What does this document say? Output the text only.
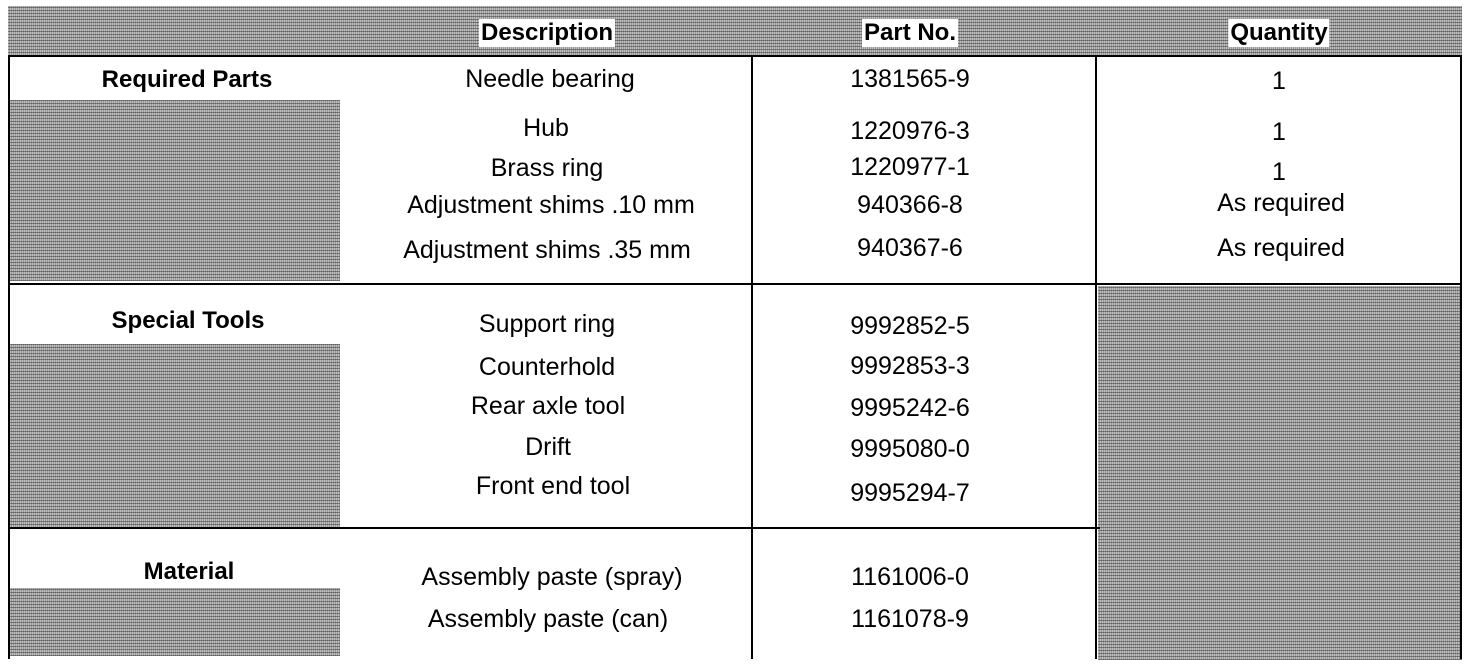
Description	Part No.	Quantity
Required Parts	Needle bearing	1381565-9	1
Hub	1220976-3	1
Brass ring	1220977-1	1
Adjustment shims .10 mm	940366-8	As required
Adjustment shims .35 mm	940367-6	As required
Special Tools	Support ring	9992852-5
Counterhold	9992853-3
Rear axle tool	9995242-6
Drift	9995080-0
Front end tool	9995294-7
Material	Assembly paste (spray)	1161006-0
Assembly paste (can)	1161078-9
